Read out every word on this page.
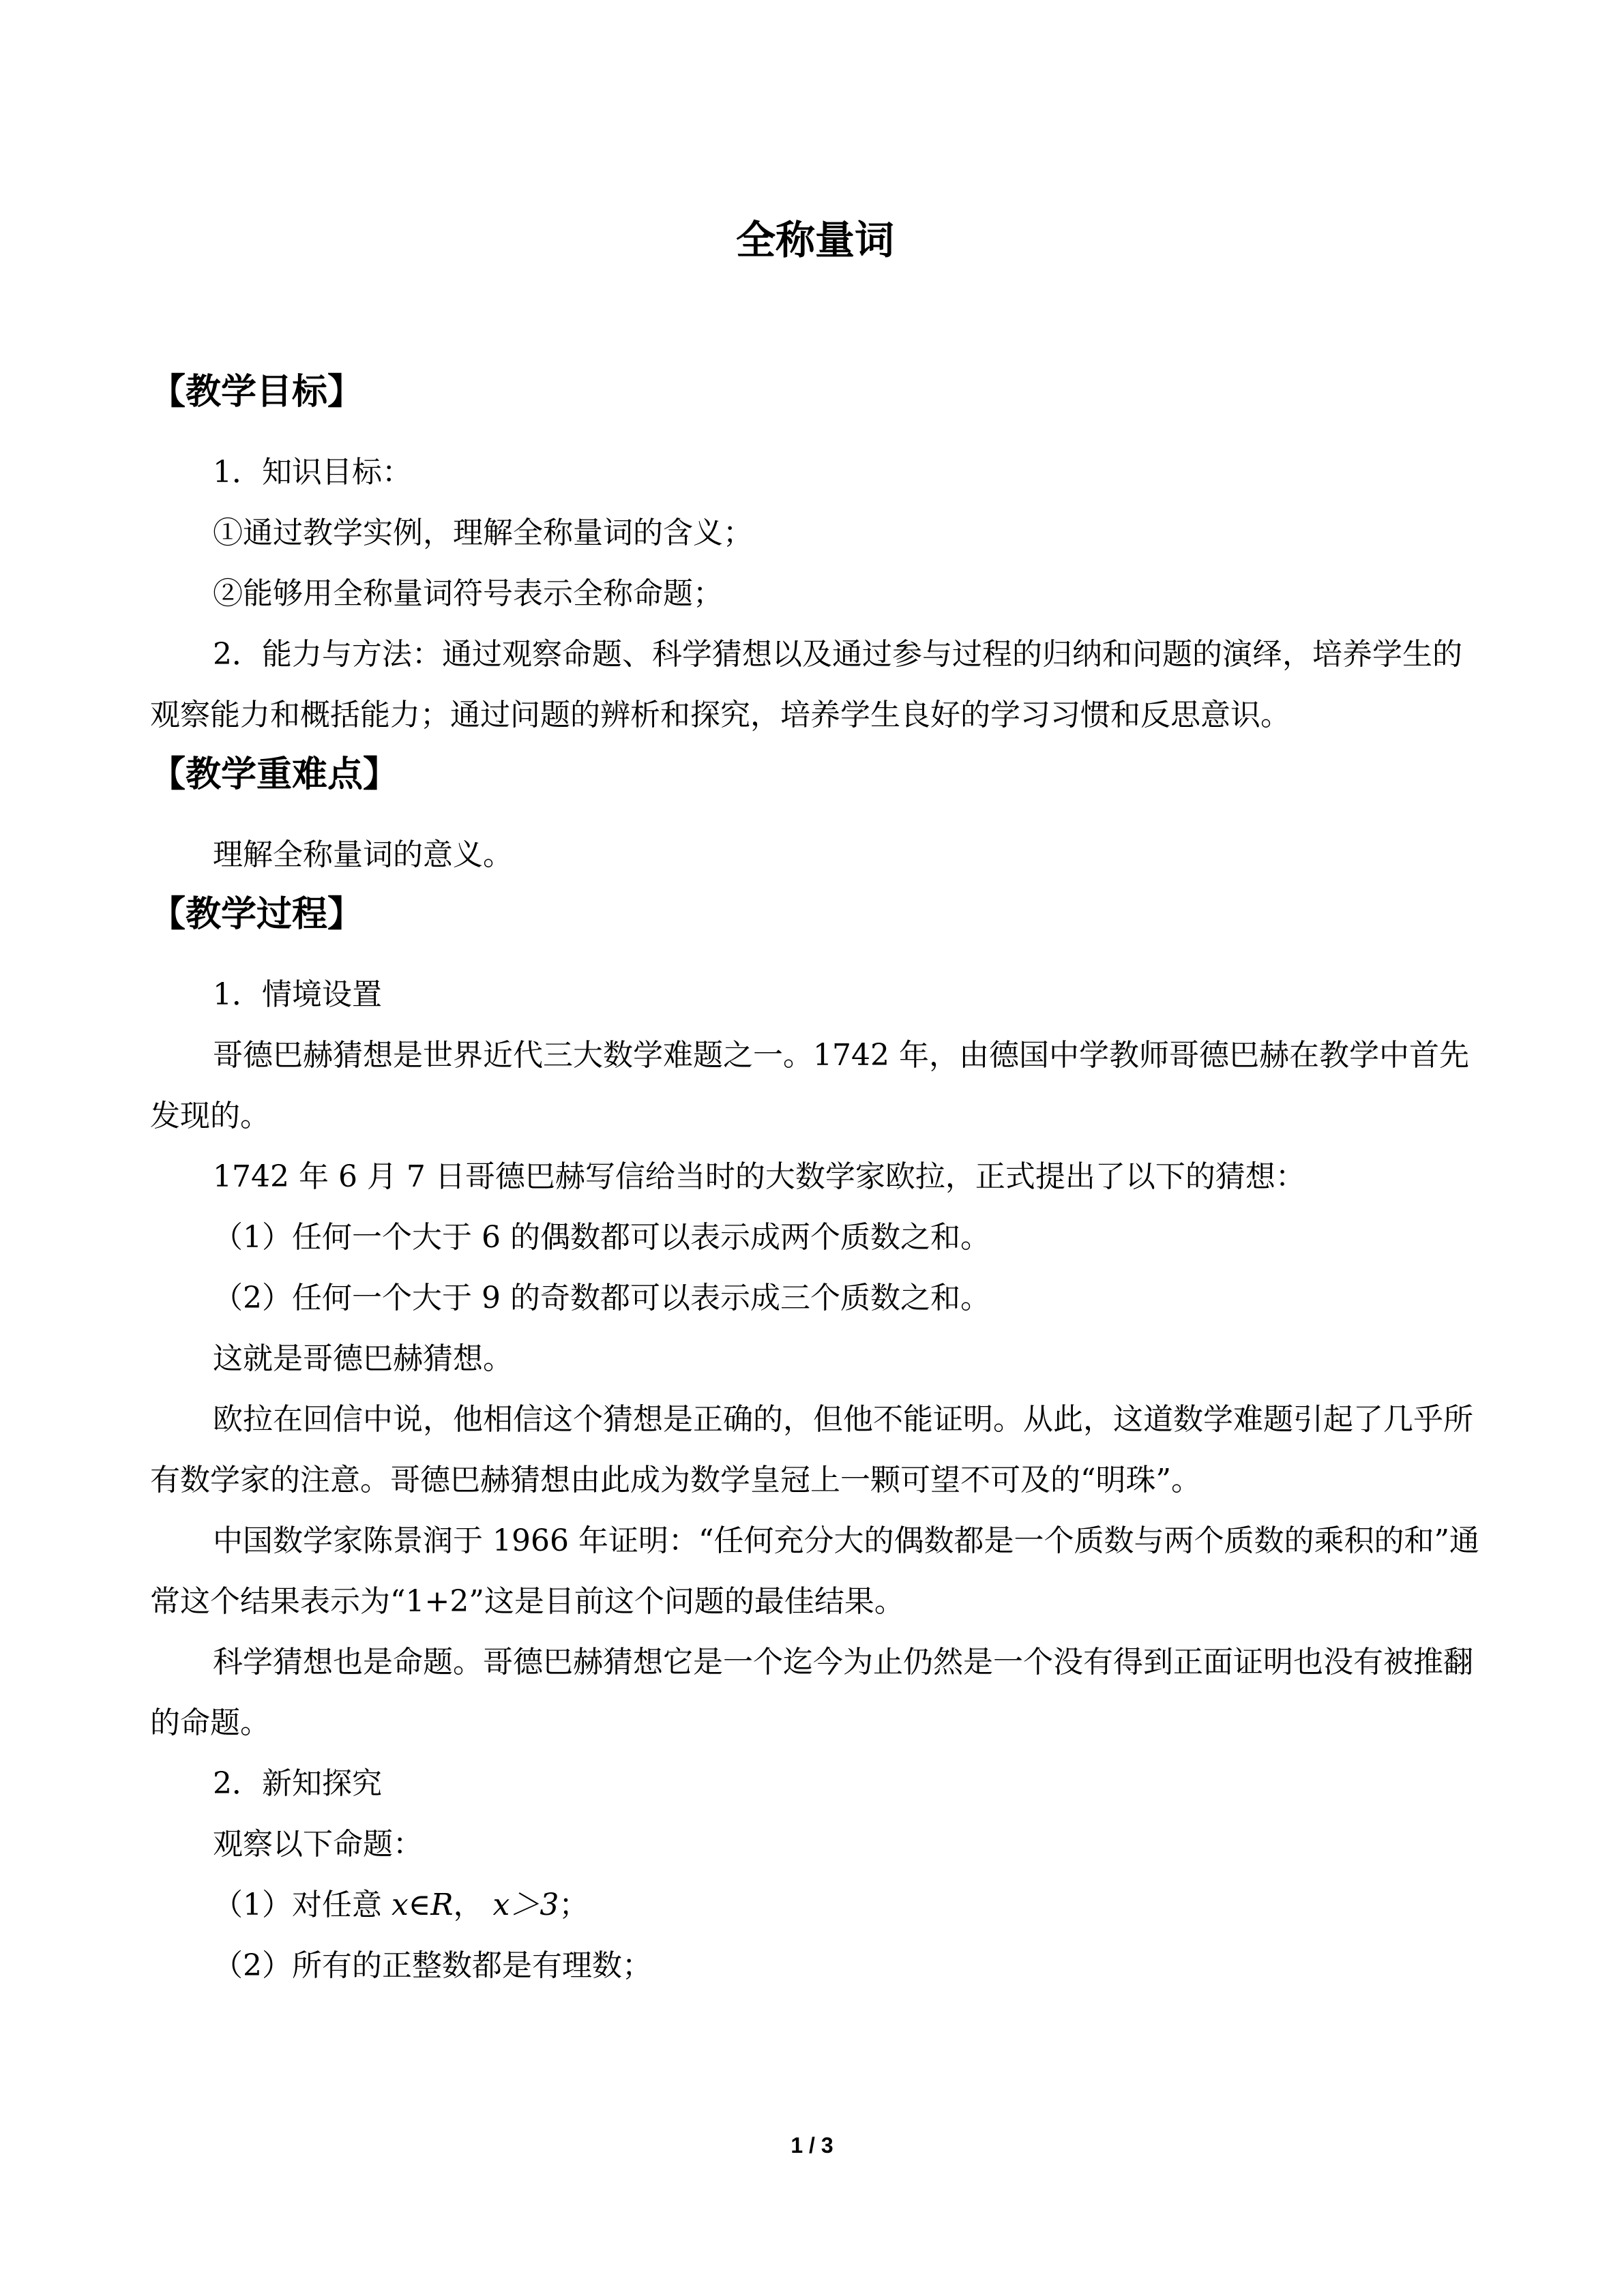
全称量词
【教学目标】

1．知识目标：

①通过教学实例，理解全称量词的含义；

②能够用全称量词符号表示全称命题；

2．能力与方法：通过观察命题、科学猜想以及通过参与过程的归纳和问题的演绎，培养学生的观察能力和概括能力；通过问题的辨析和探究，培养学生良好的学习习惯和反思意识。

【教学重难点】

理解全称量词的意义。

【教学过程】

1．情境设置

哥德巴赫猜想是世界近代三大数学难题之一。1742 年，由德国中学教师哥德巴赫在教学中首先发现的。

1742 年 6 月 7 日哥德巴赫写信给当时的大数学家欧拉，正式提出了以下的猜想：

（1）任何一个大于 6 的偶数都可以表示成两个质数之和。

（2）任何一个大于 9 的奇数都可以表示成三个质数之和。

这就是哥德巴赫猜想。

欧拉在回信中说，他相信这个猜想是正确的，但他不能证明。从此，这道数学难题引起了几乎所有数学家的注意。哥德巴赫猜想由此成为数学皇冠上一颗可望不可及的“明珠”。

中国数学家陈景润于 1966 年证明：“任何充分大的偶数都是一个质数与两个质数的乘积的和”通常这个结果表示为“1+2”这是目前这个问题的最佳结果。

科学猜想也是命题。哥德巴赫猜想它是一个迄今为止仍然是一个没有得到正面证明也没有被推翻的命题。

2．新知探究

观察以下命题：

（1）对任意 x∈R， x＞3；

（2）所有的正整数都是有理数；

1 / 3
